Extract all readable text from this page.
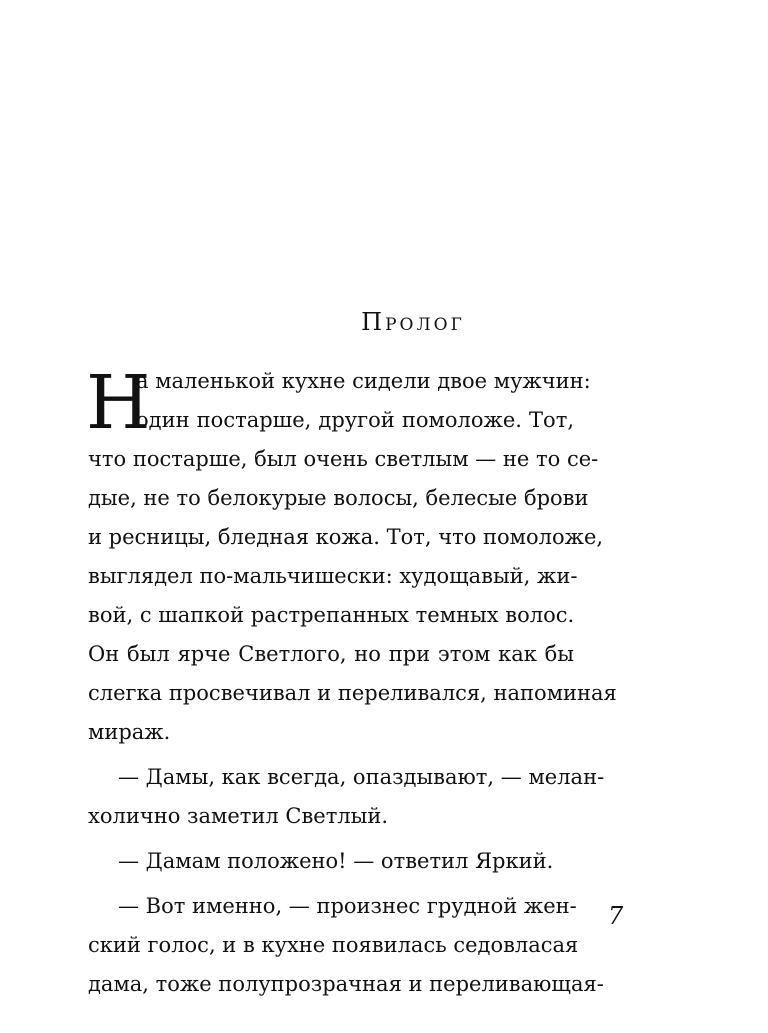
Пролог
Н
а маленькой кухне сидели двое мужчин:
один постарше, другой помоложе. Тот,
что постарше, был очень светлым — не то се-
дые, не то белокурые волосы, белесые брови
и ресницы, бледная кожа. Тот, что помоложе,
выглядел по-мальчишески: худощавый, жи-
вой, с шапкой растрепанных темных волос.
Он был ярче Светлого, но при этом как бы
слегка просвечивал и переливался, напоминая
мираж.
— Дамы, как всегда, опаздывают, — мелан-
холично заметил Светлый.
— Дамам положено! — ответил Яркий.
— Вот именно, — произнес грудной жен-
ский голос, и в кухне появилась седовласая
дама, тоже полупрозрачная и переливающая-
7
